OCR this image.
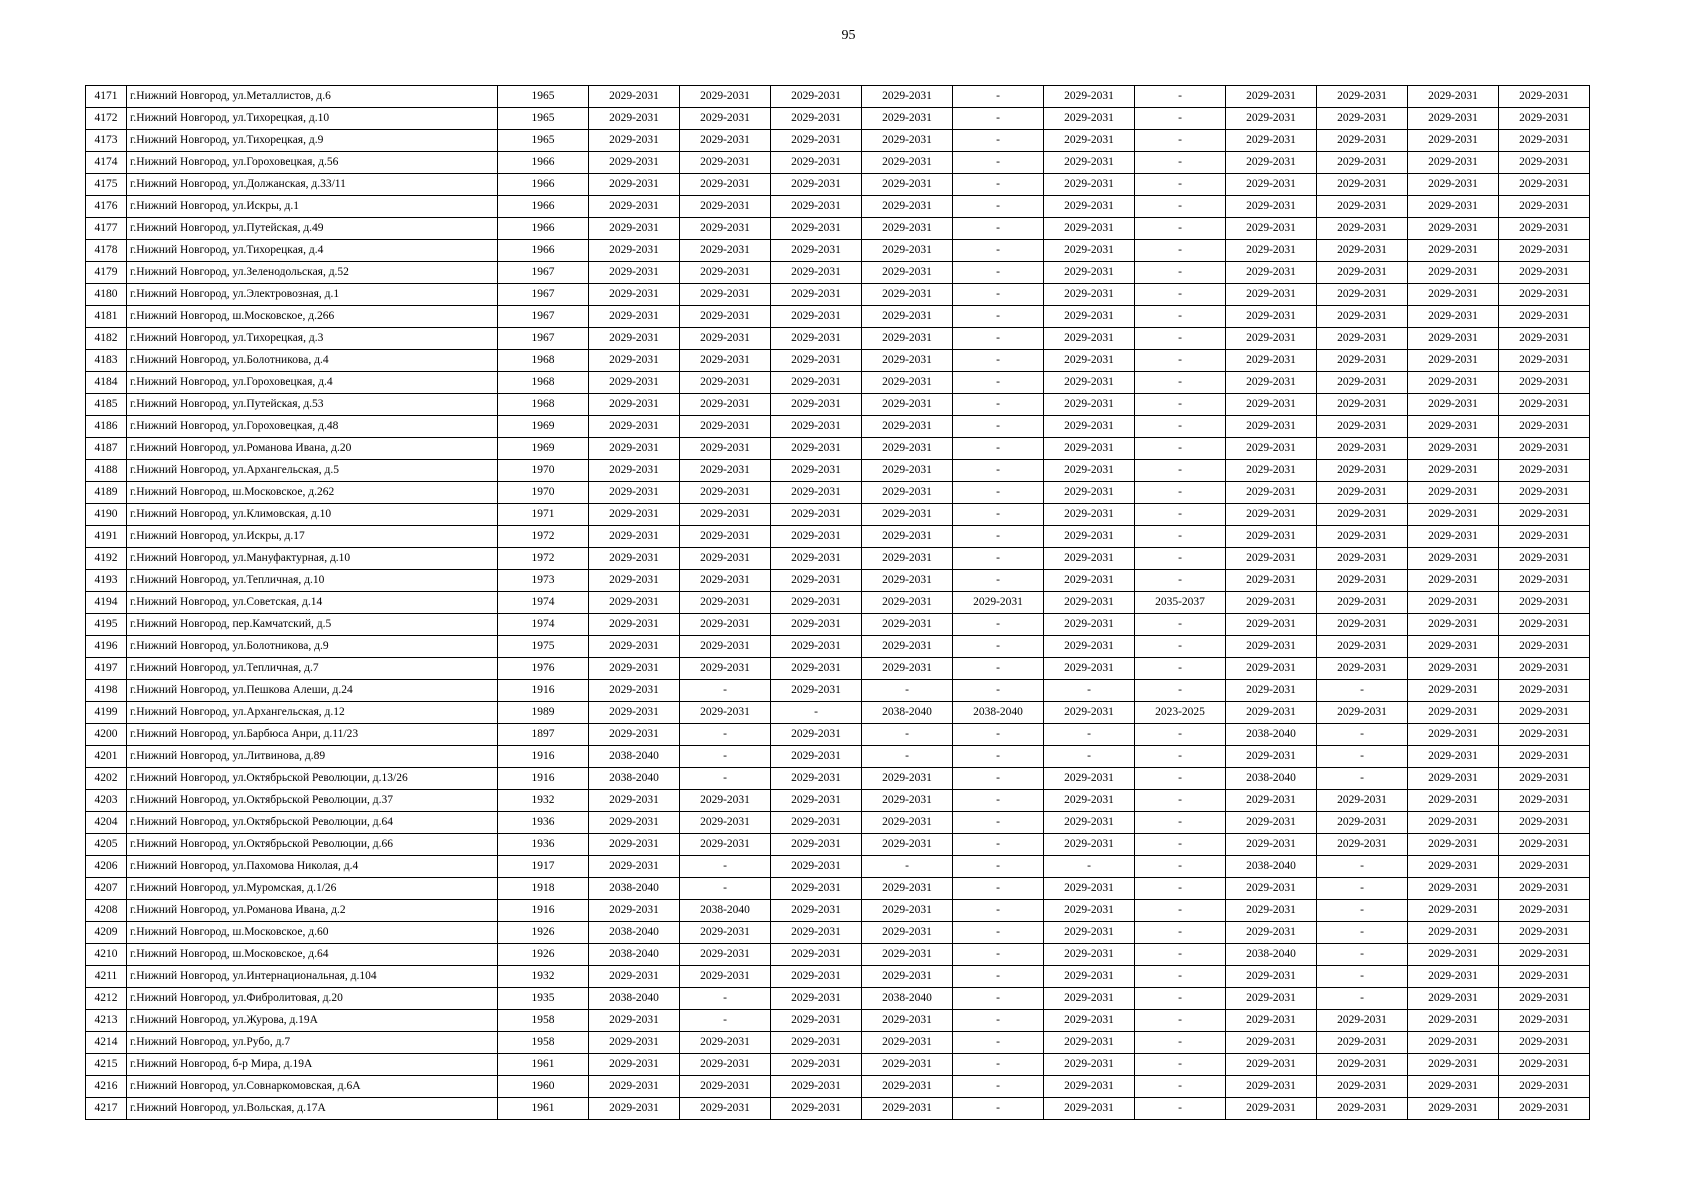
95
4171	г.Нижний Новгород, ул.Металлистов, д.6	1965	2029-2031	2029-2031	2029-2031	2029-2031	-	2029-2031	-	2029-2031	2029-2031	2029-2031	2029-2031
4172	г.Нижний Новгород, ул.Тихорецкая, д.10	1965	2029-2031	2029-2031	2029-2031	2029-2031	-	2029-2031	-	2029-2031	2029-2031	2029-2031	2029-2031
4173	г.Нижний Новгород, ул.Тихорецкая, д.9	1965	2029-2031	2029-2031	2029-2031	2029-2031	-	2029-2031	-	2029-2031	2029-2031	2029-2031	2029-2031
4174	г.Нижний Новгород, ул.Гороховецкая, д.56	1966	2029-2031	2029-2031	2029-2031	2029-2031	-	2029-2031	-	2029-2031	2029-2031	2029-2031	2029-2031
4175	г.Нижний Новгород, ул.Должанская, д.33/11	1966	2029-2031	2029-2031	2029-2031	2029-2031	-	2029-2031	-	2029-2031	2029-2031	2029-2031	2029-2031
4176	г.Нижний Новгород, ул.Искры, д.1	1966	2029-2031	2029-2031	2029-2031	2029-2031	-	2029-2031	-	2029-2031	2029-2031	2029-2031	2029-2031
4177	г.Нижний Новгород, ул.Путейская, д.49	1966	2029-2031	2029-2031	2029-2031	2029-2031	-	2029-2031	-	2029-2031	2029-2031	2029-2031	2029-2031
4178	г.Нижний Новгород, ул.Тихорецкая, д.4	1966	2029-2031	2029-2031	2029-2031	2029-2031	-	2029-2031	-	2029-2031	2029-2031	2029-2031	2029-2031
4179	г.Нижний Новгород, ул.Зеленодольская, д.52	1967	2029-2031	2029-2031	2029-2031	2029-2031	-	2029-2031	-	2029-2031	2029-2031	2029-2031	2029-2031
4180	г.Нижний Новгород, ул.Электровозная, д.1	1967	2029-2031	2029-2031	2029-2031	2029-2031	-	2029-2031	-	2029-2031	2029-2031	2029-2031	2029-2031
4181	г.Нижний Новгород, ш.Московское, д.266	1967	2029-2031	2029-2031	2029-2031	2029-2031	-	2029-2031	-	2029-2031	2029-2031	2029-2031	2029-2031
4182	г.Нижний Новгород, ул.Тихорецкая, д.3	1967	2029-2031	2029-2031	2029-2031	2029-2031	-	2029-2031	-	2029-2031	2029-2031	2029-2031	2029-2031
4183	г.Нижний Новгород, ул.Болотникова, д.4	1968	2029-2031	2029-2031	2029-2031	2029-2031	-	2029-2031	-	2029-2031	2029-2031	2029-2031	2029-2031
4184	г.Нижний Новгород, ул.Гороховецкая, д.4	1968	2029-2031	2029-2031	2029-2031	2029-2031	-	2029-2031	-	2029-2031	2029-2031	2029-2031	2029-2031
4185	г.Нижний Новгород, ул.Путейская, д.53	1968	2029-2031	2029-2031	2029-2031	2029-2031	-	2029-2031	-	2029-2031	2029-2031	2029-2031	2029-2031
4186	г.Нижний Новгород, ул.Гороховецкая, д.48	1969	2029-2031	2029-2031	2029-2031	2029-2031	-	2029-2031	-	2029-2031	2029-2031	2029-2031	2029-2031
4187	г.Нижний Новгород, ул.Романова Ивана, д.20	1969	2029-2031	2029-2031	2029-2031	2029-2031	-	2029-2031	-	2029-2031	2029-2031	2029-2031	2029-2031
4188	г.Нижний Новгород, ул.Архангельская, д.5	1970	2029-2031	2029-2031	2029-2031	2029-2031	-	2029-2031	-	2029-2031	2029-2031	2029-2031	2029-2031
4189	г.Нижний Новгород, ш.Московское, д.262	1970	2029-2031	2029-2031	2029-2031	2029-2031	-	2029-2031	-	2029-2031	2029-2031	2029-2031	2029-2031
4190	г.Нижний Новгород, ул.Климовская, д.10	1971	2029-2031	2029-2031	2029-2031	2029-2031	-	2029-2031	-	2029-2031	2029-2031	2029-2031	2029-2031
4191	г.Нижний Новгород, ул.Искры, д.17	1972	2029-2031	2029-2031	2029-2031	2029-2031	-	2029-2031	-	2029-2031	2029-2031	2029-2031	2029-2031
4192	г.Нижний Новгород, ул.Мануфактурная, д.10	1972	2029-2031	2029-2031	2029-2031	2029-2031	-	2029-2031	-	2029-2031	2029-2031	2029-2031	2029-2031
4193	г.Нижний Новгород, ул.Тепличная, д.10	1973	2029-2031	2029-2031	2029-2031	2029-2031	-	2029-2031	-	2029-2031	2029-2031	2029-2031	2029-2031
4194	г.Нижний Новгород, ул.Советская, д.14	1974	2029-2031	2029-2031	2029-2031	2029-2031	2029-2031	2029-2031	2035-2037	2029-2031	2029-2031	2029-2031	2029-2031
4195	г.Нижний Новгород, пер.Камчатский, д.5	1974	2029-2031	2029-2031	2029-2031	2029-2031	-	2029-2031	-	2029-2031	2029-2031	2029-2031	2029-2031
4196	г.Нижний Новгород, ул.Болотникова, д.9	1975	2029-2031	2029-2031	2029-2031	2029-2031	-	2029-2031	-	2029-2031	2029-2031	2029-2031	2029-2031
4197	г.Нижний Новгород, ул.Тепличная, д.7	1976	2029-2031	2029-2031	2029-2031	2029-2031	-	2029-2031	-	2029-2031	2029-2031	2029-2031	2029-2031
4198	г.Нижний Новгород, ул.Пешкова Алеши, д.24	1916	2029-2031	-	2029-2031	-	-	-	-	2029-2031	-	2029-2031	2029-2031
4199	г.Нижний Новгород, ул.Архангельская, д.12	1989	2029-2031	2029-2031	-	2038-2040	2038-2040	2029-2031	2023-2025	2029-2031	2029-2031	2029-2031	2029-2031
4200	г.Нижний Новгород, ул.Барбюса Анри, д.11/23	1897	2029-2031	-	2029-2031	-	-	-	-	2038-2040	-	2029-2031	2029-2031
4201	г.Нижний Новгород, ул.Литвинова, д.89	1916	2038-2040	-	2029-2031	-	-	-	-	2029-2031	-	2029-2031	2029-2031
4202	г.Нижний Новгород, ул.Октябрьской Революции, д.13/26	1916	2038-2040	-	2029-2031	2029-2031	-	2029-2031	-	2038-2040	-	2029-2031	2029-2031
4203	г.Нижний Новгород, ул.Октябрьской Революции, д.37	1932	2029-2031	2029-2031	2029-2031	2029-2031	-	2029-2031	-	2029-2031	2029-2031	2029-2031	2029-2031
4204	г.Нижний Новгород, ул.Октябрьской Революции, д.64	1936	2029-2031	2029-2031	2029-2031	2029-2031	-	2029-2031	-	2029-2031	2029-2031	2029-2031	2029-2031
4205	г.Нижний Новгород, ул.Октябрьской Революции, д.66	1936	2029-2031	2029-2031	2029-2031	2029-2031	-	2029-2031	-	2029-2031	2029-2031	2029-2031	2029-2031
4206	г.Нижний Новгород, ул.Пахомова Николая, д.4	1917	2029-2031	-	2029-2031	-	-	-	-	2038-2040	-	2029-2031	2029-2031
4207	г.Нижний Новгород, ул.Муромская, д.1/26	1918	2038-2040	-	2029-2031	2029-2031	-	2029-2031	-	2029-2031	-	2029-2031	2029-2031
4208	г.Нижний Новгород, ул.Романова Ивана, д.2	1916	2029-2031	2038-2040	2029-2031	2029-2031	-	2029-2031	-	2029-2031	-	2029-2031	2029-2031
4209	г.Нижний Новгород, ш.Московское, д.60	1926	2038-2040	2029-2031	2029-2031	2029-2031	-	2029-2031	-	2029-2031	-	2029-2031	2029-2031
4210	г.Нижний Новгород, ш.Московское, д.64	1926	2038-2040	2029-2031	2029-2031	2029-2031	-	2029-2031	-	2038-2040	-	2029-2031	2029-2031
4211	г.Нижний Новгород, ул.Интернациональная, д.104	1932	2029-2031	2029-2031	2029-2031	2029-2031	-	2029-2031	-	2029-2031	-	2029-2031	2029-2031
4212	г.Нижний Новгород, ул.Фибролитовая, д.20	1935	2038-2040	-	2029-2031	2038-2040	-	2029-2031	-	2029-2031	-	2029-2031	2029-2031
4213	г.Нижний Новгород, ул.Журова, д.19А	1958	2029-2031	-	2029-2031	2029-2031	-	2029-2031	-	2029-2031	2029-2031	2029-2031	2029-2031
4214	г.Нижний Новгород, ул.Рубо, д.7	1958	2029-2031	2029-2031	2029-2031	2029-2031	-	2029-2031	-	2029-2031	2029-2031	2029-2031	2029-2031
4215	г.Нижний Новгород, б-р Мира, д.19А	1961	2029-2031	2029-2031	2029-2031	2029-2031	-	2029-2031	-	2029-2031	2029-2031	2029-2031	2029-2031
4216	г.Нижний Новгород, ул.Совнаркомовская, д.6А	1960	2029-2031	2029-2031	2029-2031	2029-2031	-	2029-2031	-	2029-2031	2029-2031	2029-2031	2029-2031
4217	г.Нижний Новгород, ул.Вольская, д.17А	1961	2029-2031	2029-2031	2029-2031	2029-2031	-	2029-2031	-	2029-2031	2029-2031	2029-2031	2029-2031
